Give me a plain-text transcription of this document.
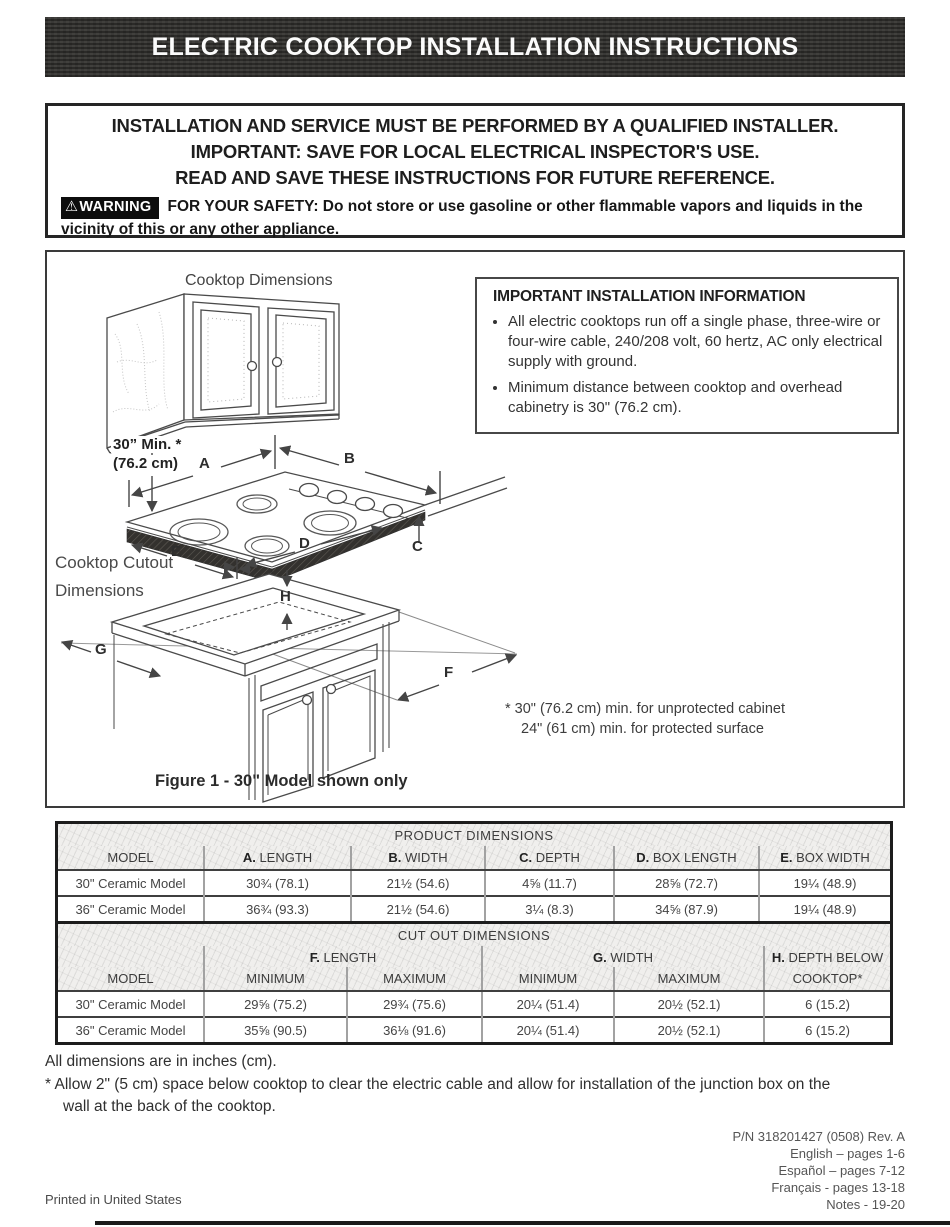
ELECTRIC COOKTOP INSTALLATION INSTRUCTIONS
INSTALLATION AND SERVICE MUST BE PERFORMED BY A QUALIFIED INSTALLER.
IMPORTANT: SAVE FOR LOCAL ELECTRICAL INSPECTOR'S USE.
READ AND SAVE THESE INSTRUCTIONS FOR FUTURE REFERENCE.
⚠WARNING FOR YOUR SAFETY: Do not store or use gasoline or other flammable vapors and liquids in the vicinity of this or any other appliance.
Cooktop Dimensions
30” Min. *
(76.2 cm)
Cooktop Cutout
Dimensions
A	B
C
D
E
F
G
H
* 30" (76.2 cm) min. for unprotected cabinet
24" (61 cm) min. for protected surface
Figure 1 - 30" Model shown only
IMPORTANT INSTALLATION INFORMATION
• All electric cooktops run off a single phase, three-wire or four-wire cable, 240/208 volt, 60 hertz, AC only electrical supply with ground.
• Minimum distance between cooktop and overhead cabinetry is 30" (76.2 cm).
PRODUCT DIMENSIONS					
MODEL	A. LENGTH	B. WIDTH	C. DEPTH	D. BOX LENGTH	E. BOX WIDTH
30" Ceramic Model	30¾ (78.1)	21½ (54.6)	4⅝ (11.7)	28⅝ (72.7)	19¼ (48.9)
36" Ceramic Model	36¾ (93.3)	21½ (54.6)	3¼ (8.3)	34⅝ (87.9)	19¼ (48.9)
CUT OUT DIMENSIONS					
	F. LENGTH		G. WIDTH		H. DEPTH BELOW
MODEL	MINIMUM	MAXIMUM	MINIMUM	MAXIMUM	COOKTOP*
30" Ceramic Model	29⅝ (75.2)	29¾ (75.6)	20¼ (51.4)	20½ (52.1)	6 (15.2)
36" Ceramic Model	35⅝ (90.5)	36⅛ (91.6)	20¼ (51.4)	20½ (52.1)	6 (15.2)
All dimensions are in inches (cm).
* Allow 2" (5 cm) space below cooktop to clear the electric cable and allow for installation of the junction box on the
wall at the back of the cooktop.
P/N 318201427 (0508) Rev. A
English – pages 1-6
Español – pages 7-12
Français - pages 13-18
Notes - 19-20
Printed in United States
